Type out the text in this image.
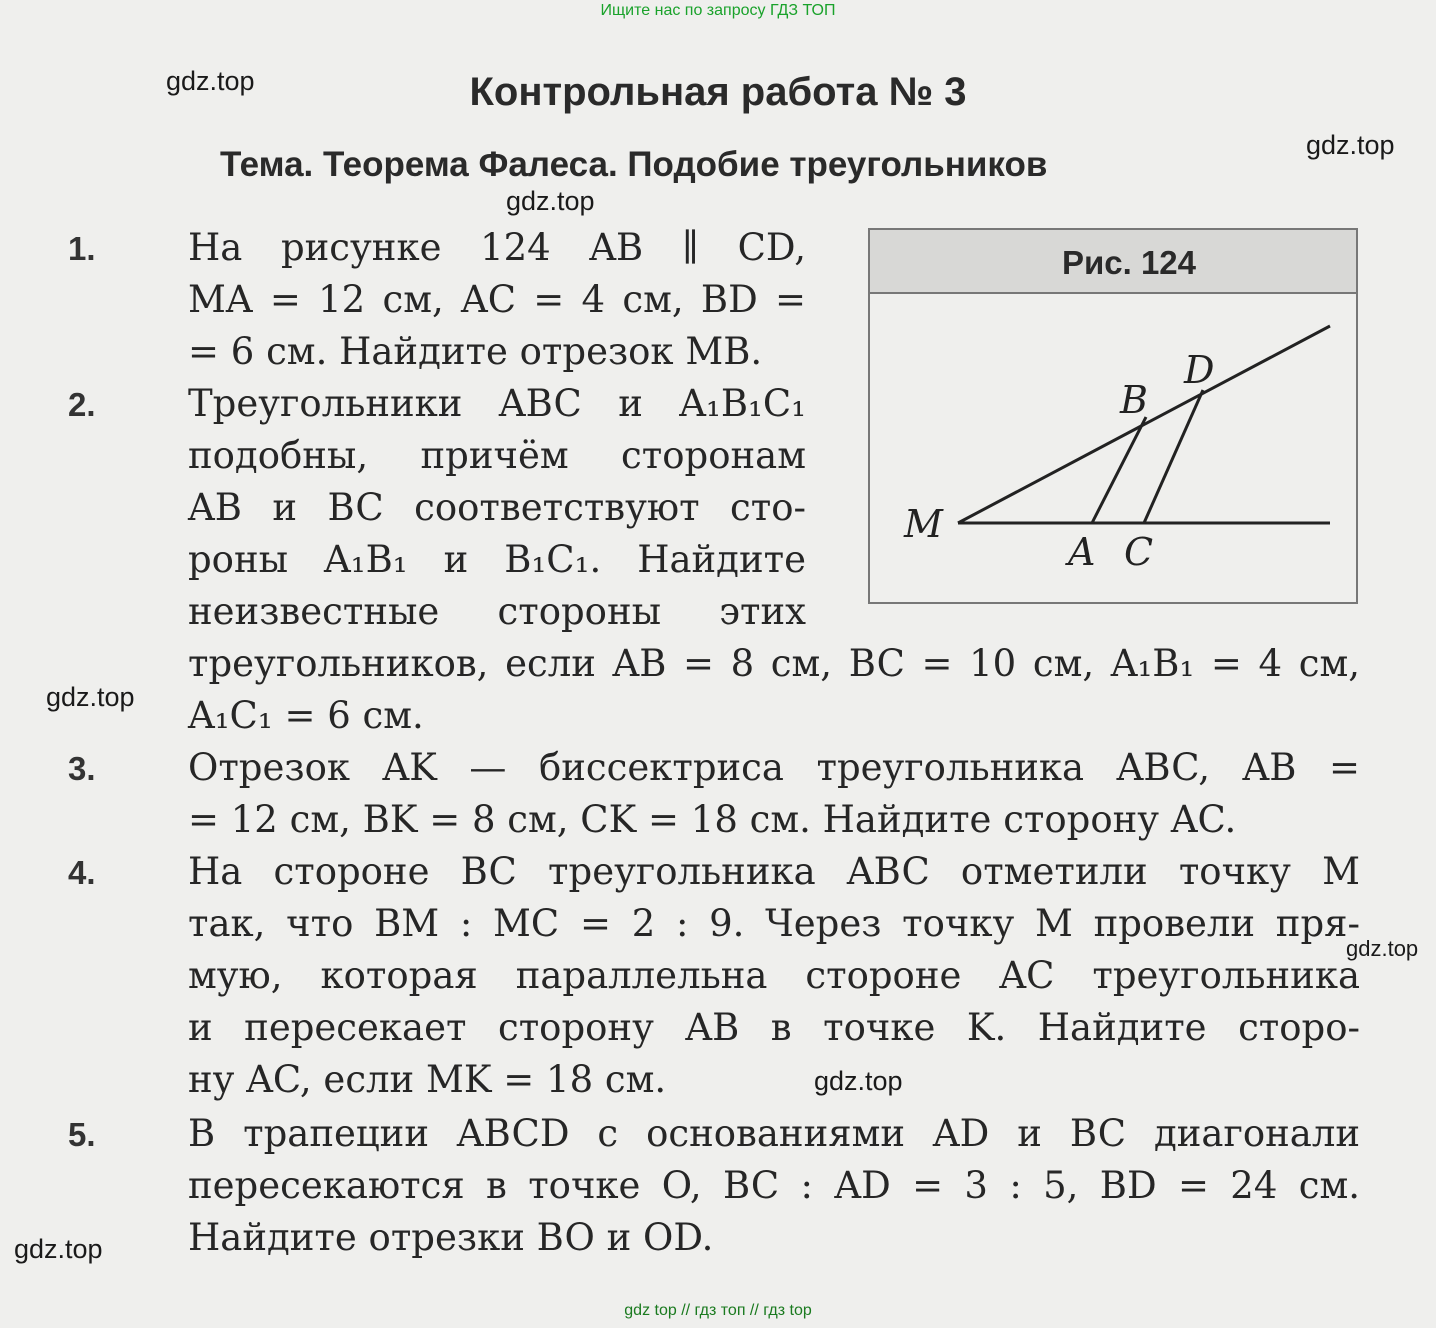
Ищите нас по запросу ГДЗ ТОП
Контрольная работа № 3
Тема. Теорема Фалеса. Подобие треугольников
gdz.top
gdz.top
gdz.top
gdz.top
gdz.top
gdz.top
gdz.top
Рис. 124
M
B
D
A C
1. На рисунке 124 AB ∥ CD,
MA = 12 см, AC = 4 см, BD =
= 6 см. Найдите отрезок MB.
2. Треугольники ABC и A₁B₁C₁
подобны, причём сторонам
AB и BC соответствуют сто-
роны A₁B₁ и B₁C₁. Найдите
неизвестные стороны этих
треугольников, если AB = 8 см, BC = 10 см, A₁B₁ = 4 см,
A₁C₁ = 6 см.
3. Отрезок AK — биссектриса треугольника ABC, AB =
= 12 см, BK = 8 см, CK = 18 см. Найдите сторону AC.
4. На стороне BC треугольника ABC отметили точку M
так, что BM : MC = 2 : 9. Через точку M провели пря-
мую, которая параллельна стороне AC треугольника
и пересекает сторону AB в точке K. Найдите сторо-
ну AC, если MK = 18 см.
5. В трапеции ABCD с основаниями AD и BC диагонали
пересекаются в точке O, BC : AD = 3 : 5, BD = 24 см.
Найдите отрезки BO и OD.
gdz top // гдз топ // гдз top
